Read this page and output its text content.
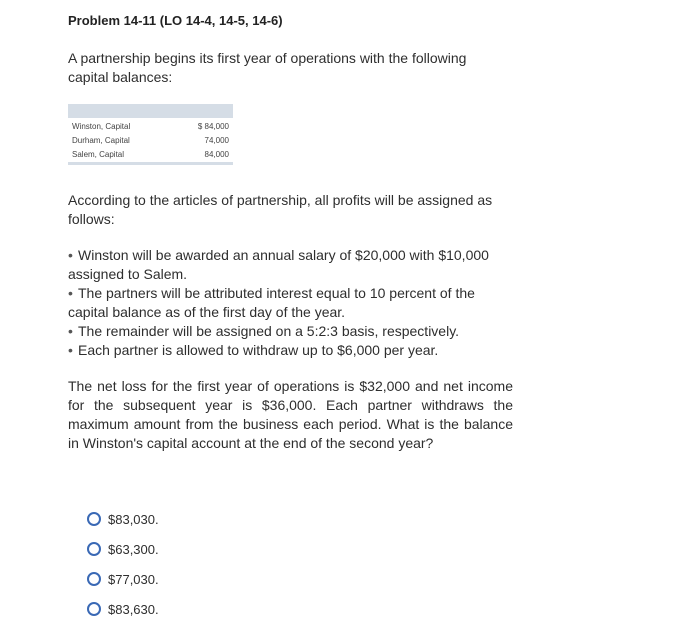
Problem 14-11 (LO 14-4, 14-5, 14-6)
A partnership begins its first year of operations with the following capital balances:

Winston, Capital	$ 84,000
Durham, Capital	74,000
Salem, Capital	84,000

According to the articles of partnership, all profits will be assigned as follows:
• Winston will be awarded an annual salary of $20,000 with $10,000 assigned to Salem.
• The partners will be attributed interest equal to 10 percent of the capital balance as of the first day of the year.
• The remainder will be assigned on a 5:2:3 basis, respectively.
• Each partner is allowed to withdraw up to $6,000 per year.
The net loss for the first year of operations is $32,000 and net income for the subsequent year is $36,000. Each partner withdraws the maximum amount from the business each period. What is the balance in Winston's capital account at the end of the second year?
$83,030.
$63,300.
$77,030.
$83,630.
